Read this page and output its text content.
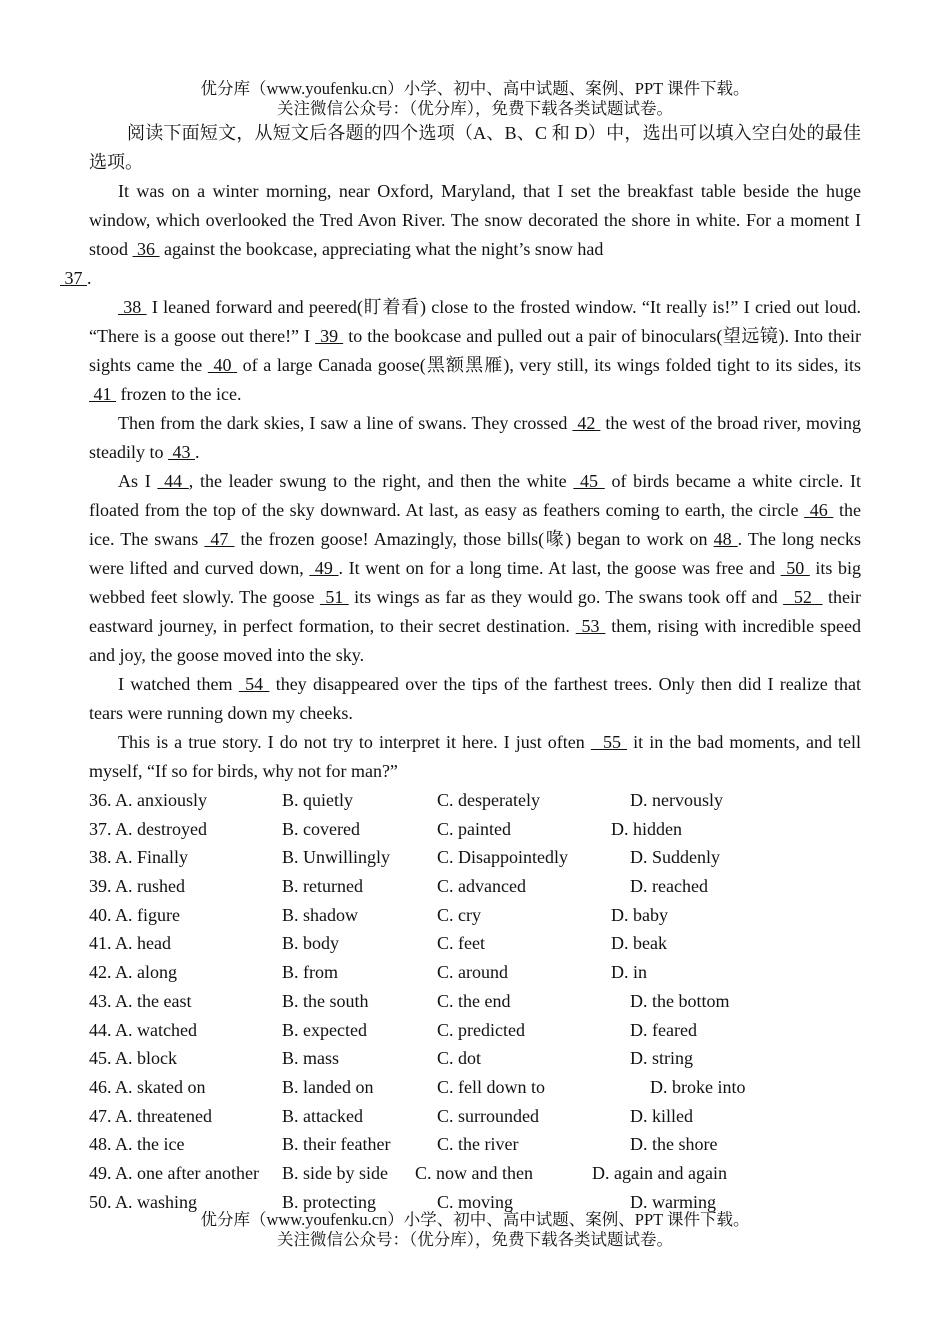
优分库（www.youfenku.cn）小学、初中、高中试题、案例、PPT 课件下载。
关注微信公众号：（优分库），免费下载各类试题试卷。

阅读下面短文，从短文后各题的四个选项（A、B、C 和 D）中，选出可以填入空白处的最佳选项。

It was on a winter morning, near Oxford, Maryland, that I set the breakfast table beside the huge window, which overlooked the Tred Avon River. The snow decorated the shore in white. For a moment I stood  36  against the bookcase, appreciating what the night’s snow had
37 .

38  I leaned forward and peered(盯着看) close to the frosted window. “It really is!” I cried out loud. “There is a goose out there!” I  39  to the bookcase and pulled out a pair of binoculars(望远镜). Into their sights came the  40  of a large Canada goose(黑额黑雁), very still, its wings folded tight to its sides, its  41  frozen to the ice.

Then from the dark skies, I saw a line of swans. They crossed  42  the west of the broad river, moving steadily to  43 .

As I  44 , the leader swung to the right, and then the white  45  of birds became a white circle. It floated from the top of the sky downward. At last, as easy as feathers coming to earth, the circle  46  the ice. The swans  47  the frozen goose! Amazingly, those bills(喙) began to work on 48 . The long necks were lifted and curved down,  49 . It went on for a long time. At last, the goose was free and  50  its big webbed feet slowly. The goose  51  its wings as far as they would go. The swans took off and   52   their eastward journey, in perfect formation, to their secret destination.  53  them, rising with incredible speed and joy, the goose moved into the sky.

I watched them  54  they disappeared over the tips of the farthest trees. Only then did I realize that tears were running down my cheeks.

This is a true story. I do not try to interpret it here. I just often   55  it in the bad moments, and tell myself, “If so for birds, why not for man?”

36. A. anxiously	B. quietly	C. desperately	D. nervously
37. A. destroyed	B. covered	C. painted	D. hidden
38. A. Finally	B. Unwillingly	C. Disappointedly	D. Suddenly
39. A. rushed	B. returned	C. advanced	D. reached
40. A. figure	B. shadow	C. cry	D. baby
41. A. head	B. body	C. feet	D. beak
42. A. along	B. from	C. around	D. in
43. A. the east	B. the south	C. the end	D. the bottom
44. A. watched	B. expected	C. predicted	D. feared
45. A. block	B. mass	C. dot	D. string
46. A. skated on	B. landed on	C. fell down to	D. broke into
47. A. threatened	B. attacked	C. surrounded	D. killed
48. A. the ice	B. their feather	C. the river	D. the shore
49. A. one after another B. side by side C. now and then	D. again and again
50. A. washing	B. protecting	C. moving	D. warming
优分库（www.youfenku.cn）小学、初中、高中试题、案例、PPT 课件下载。
关注微信公众号：（优分库），免费下载各类试题试卷。
